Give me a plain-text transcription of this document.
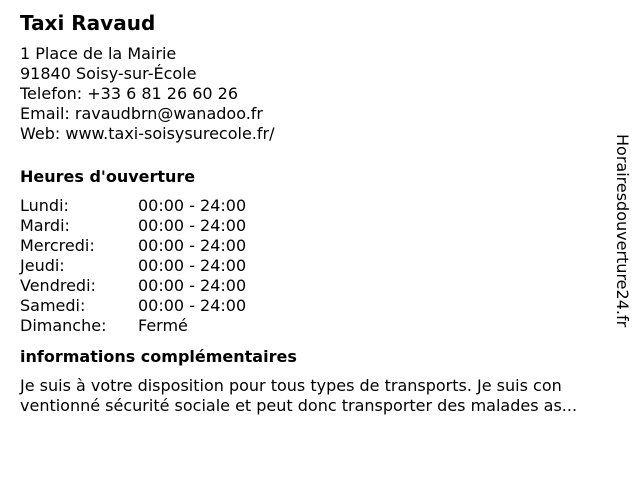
Taxi Ravaud
1 Place de la Mairie
91840 Soisy-sur-École
Telefon: +33 6 81 26 60 26
Email: ravaudbrn@wanadoo.fr
Web: www.taxi-soisysurecole.fr/
Heures d'ouverture
Lundi:	00:00 - 24:00
Mardi:	00:00 - 24:00
Mercredi:	00:00 - 24:00
Jeudi:	00:00 - 24:00
Vendredi:	00:00 - 24:00
Samedi:	00:00 - 24:00
Dimanche:	Fermé
informations complémentaires
Je suis à votre disposition pour tous types de transports. Je suis con
ventionné sécurité sociale et peut donc transporter des malades as...
Horairesdouverture24.fr
